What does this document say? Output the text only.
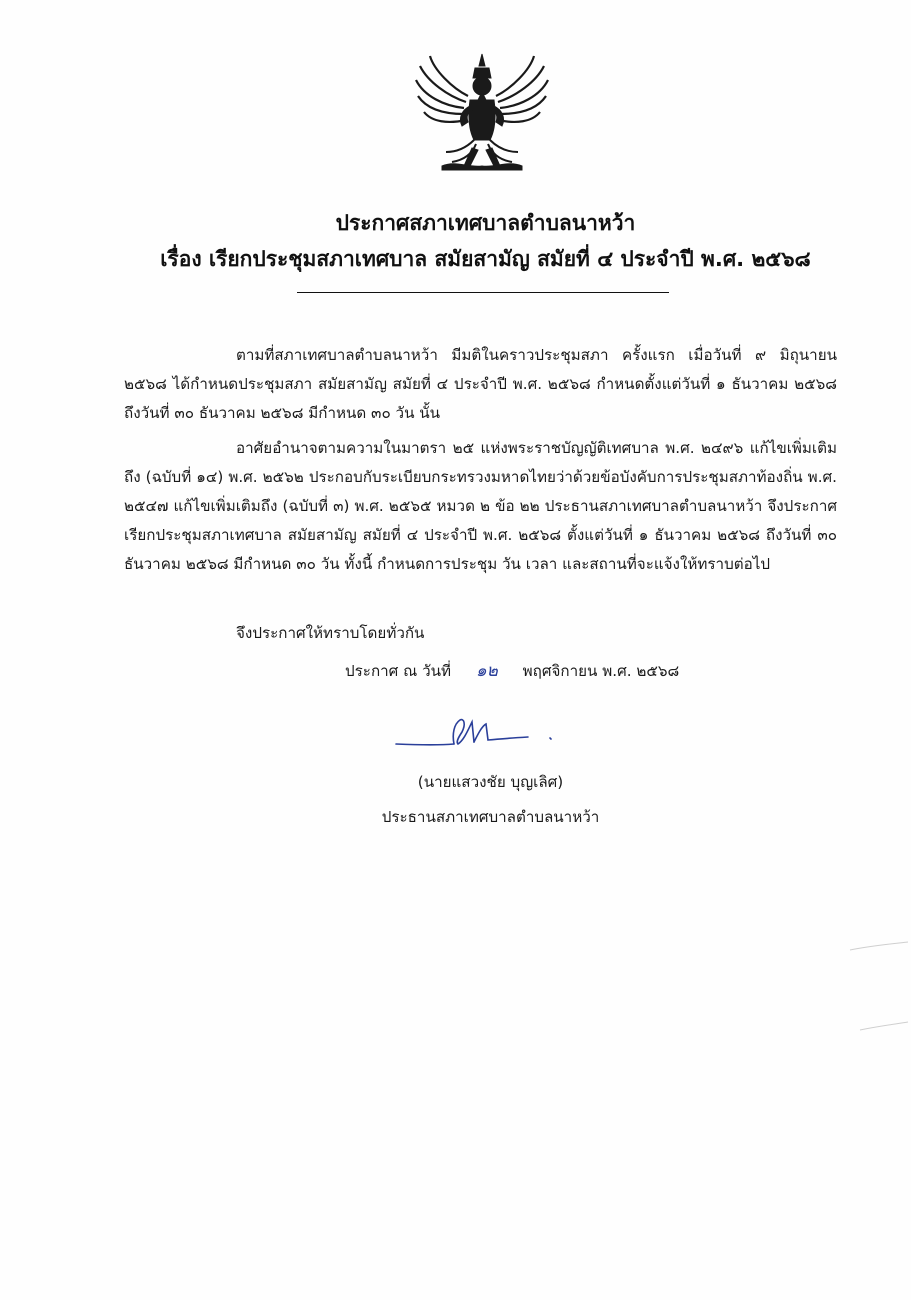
ประกาศสภาเทศบาลตำบลนาหว้า
เรื่อง เรียกประชุมสภาเทศบาล สมัยสามัญ สมัยที่ ๔ ประจำปี พ.ศ. ๒๕๖๘

ตามที่สภาเทศบาลตำบลนาหว้า มีมติในคราวประชุมสภา ครั้งแรก เมื่อวันที่ ๙ มิถุนายน ๒๕๖๘ ได้กำหนดประชุมสภา สมัยสามัญ สมัยที่ ๔ ประจำปี พ.ศ. ๒๕๖๘ กำหนดตั้งแต่วันที่ ๑ ธันวาคม ๒๕๖๘ ถึงวันที่ ๓๐ ธันวาคม ๒๕๖๘ มีกำหนด ๓๐ วัน นั้น

อาศัยอำนาจตามความในมาตรา ๒๕ แห่งพระราชบัญญัติเทศบาล พ.ศ. ๒๔๙๖ แก้ไขเพิ่มเติมถึง (ฉบับที่ ๑๔) พ.ศ. ๒๕๖๒ ประกอบกับระเบียบกระทรวงมหาดไทยว่าด้วยข้อบังคับการประชุมสภาท้องถิ่น พ.ศ. ๒๕๔๗ แก้ไขเพิ่มเติมถึง (ฉบับที่ ๓) พ.ศ. ๒๕๖๕ หมวด ๒ ข้อ ๒๒ ประธานสภาเทศบาลตำบลนาหว้า จึงประกาศเรียกประชุมสภาเทศบาล สมัยสามัญ สมัยที่ ๔ ประจำปี พ.ศ. ๒๕๖๘ ตั้งแต่วันที่ ๑ ธันวาคม ๒๕๖๘ ถึงวันที่ ๓๐ ธันวาคม ๒๕๖๘ มีกำหนด ๓๐ วัน ทั้งนี้ กำหนดการประชุม วัน เวลา และสถานที่จะแจ้งให้ทราบต่อไป

จึงประกาศให้ทราบโดยทั่วกัน
ประกาศ ณ วันที่ ๑๒ พฤศจิกายน พ.ศ. ๒๕๖๘
(นายแสวงชัย บุญเลิศ)
ประธานสภาเทศบาลตำบลนาหว้า
